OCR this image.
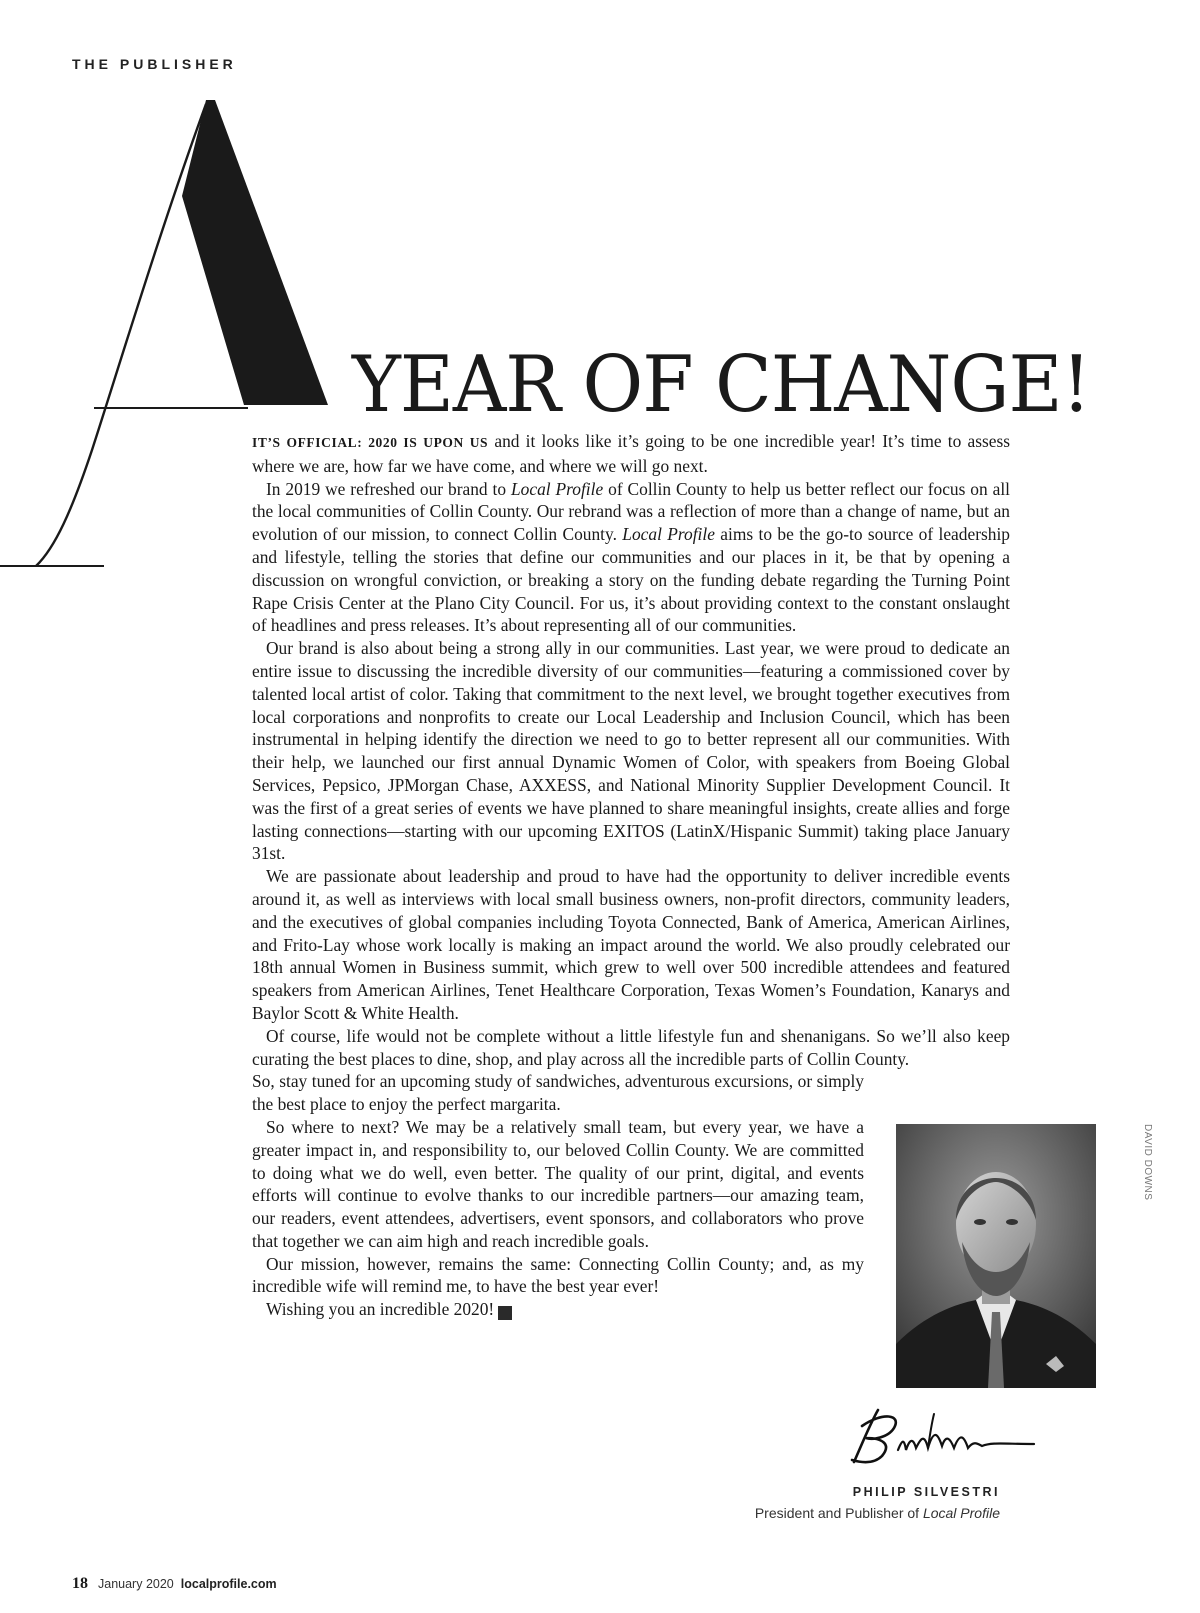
THE PUBLISHER
YEAR OF CHANGE!

IT’S OFFICIAL: 2020 IS UPON US and it looks like it’s going to be one incredible year! It’s time to assess where we are, how far we have come, and where we will go next.

In 2019 we refreshed our brand to Local Profile of Collin County to help us better reflect our focus on all the local communities of Collin County. Our rebrand was a reflection of more than a change of name, but an evolution of our mission, to connect Collin County. Local Profile aims to be the go-to source of leadership and lifestyle, telling the stories that define our communities and our places in it, be that by opening a discussion on wrongful conviction, or breaking a story on the funding debate regarding the Turning Point Rape Crisis Center at the Plano City Council. For us, it’s about providing context to the constant onslaught of headlines and press releases. It’s about representing all of our communities.

Our brand is also about being a strong ally in our communities. Last year, we were proud to dedicate an entire issue to discussing the incredible diversity of our communities—featuring a commissioned cover by talented local artist of color. Taking that commitment to the next level, we brought together executives from local corporations and nonprofits to create our Local Leadership and Inclusion Council, which has been instrumental in helping identify the direction we need to go to better represent all our communities. With their help, we launched our first annual Dynamic Women of Color, with speakers from Boeing Global Services, Pepsico, JPMorgan Chase, AXXESS, and National Minority Supplier Development Council. It was the first of a great series of events we have planned to share meaningful insights, create allies and forge lasting connections—starting with our upcoming EXITOS (LatinX/Hispanic Summit) taking place January 31st.

We are passionate about leadership and proud to have had the opportunity to deliver incredible events around it, as well as interviews with local small business owners, non-profit directors, community leaders, and the executives of global companies including Toyota Connected, Bank of America, American Airlines, and Frito-Lay whose work locally is making an impact around the world. We also proudly celebrated our 18th annual Women in Business summit, which grew to well over 500 incredible attendees and featured speakers from American Airlines, Tenet Healthcare Corporation, Texas Women’s Foundation, Kanarys and Baylor Scott & White Health.

Of course, life would not be complete without a little lifestyle fun and shenanigans. So we’ll also keep curating the best places to dine, shop, and play across all the incredible parts of Collin County.

So, stay tuned for an upcoming study of sandwiches, adventurous excursions, or simply the best place to enjoy the perfect margarita.

So where to next? We may be a relatively small team, but every year, we have a greater impact in, and responsibility to, our beloved Collin County. We are committed to doing what we do well, even better. The quality of our print, digital, and events efforts will continue to evolve thanks to our incredible partners—our amazing team, our readers, event attendees, advertisers, event sponsors, and collaborators who prove that together we can aim high and reach incredible goals.

Our mission, however, remains the same: Connecting Collin County; and, as my incredible wife will remind me, to have the best year ever!

Wishing you an incredible 2020! L

DAVID DOWNS
PHILIP SILVESTRI
President and Publisher of Local Profile
18 January 2020 localprofile.com
